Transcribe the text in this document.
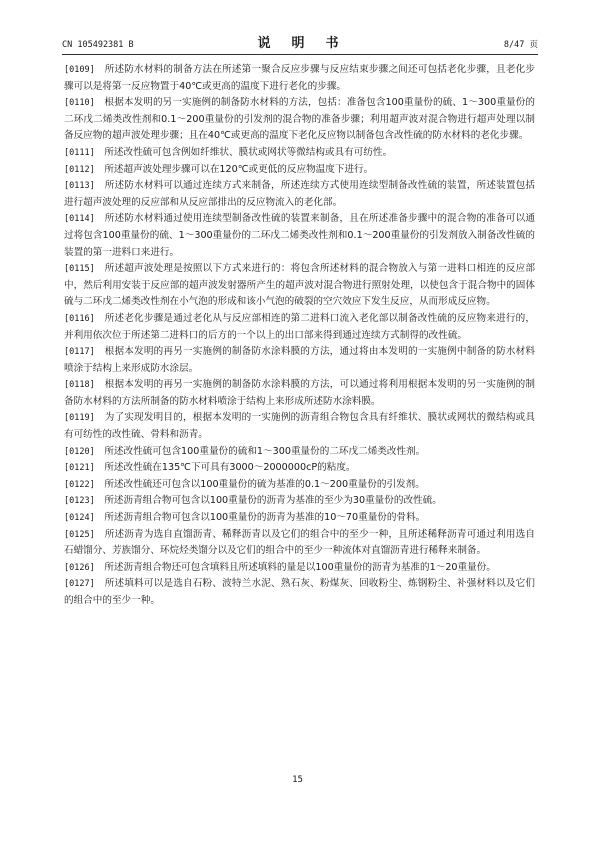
CN 105492381 B	说　明　书	8/47 页

[0109]　 所述防水材料的制备方法在所述第一聚合反应步骤与反应结束步骤之间还可包括老化步骤，且老化步骤可以是将第一反应物置于40℃或更高的温度下进行老化的步骤。

[0110]　 根据本发明的另一实施例的制备防水材料的方法，包括：准备包含100重量份的硫、1～300重量份的二环戊二烯类改性剂和0.1～200重量份的引发剂的混合物的准备步骤；利用超声波对混合物进行超声处理以制备反应物的超声波处理步骤；且在40℃或更高的温度下老化反应物以制备包含改性硫的防水材料的老化步骤。

[0111]　 所述改性硫可包含例如纤维状、膜状或网状等微结构或具有可纺性。

[0112]　 所述超声波处理步骤可以在120℃或更低的反应物温度下进行。

[0113]　 所述防水材料可以通过连续方式来制备，所述连续方式使用连续型制备改性硫的装置，所述装置包括进行超声波处理的反应部和从反应部排出的反应物流入的老化部。

[0114]　 所述防水材料通过使用连续型制备改性硫的装置来制备，且在所述准备步骤中的混合物的准备可以通过将包含100重量份的硫、1～300重量份的二环戊二烯类改性剂和0.1～200重量份的引发剂放入制备改性硫的装置的第一进料口来进行。

[0115]　 所述超声波处理是按照以下方式来进行的：将包含所述材料的混合物放入与第一进料口相连的反应部中，然后利用安装于反应部的超声波发射器所产生的超声波对混合物进行照射处理，以使包含于混合物中的固体硫与二环戊二烯类改性剂在小气泡的形成和该小气泡的破裂的空穴效应下发生反应，从而形成反应物。

[0116]　 所述老化步骤是通过老化从与反应部相连的第二进料口流入老化部以制备改性硫的反应物来进行的，并利用依次位于所述第二进料口的后方的一个以上的出口部来得到通过连续方式制得的改性硫。

[0117]　 根据本发明的再另一实施例的制备防水涂料膜的方法，通过将由本发明的一实施例中制备的防水材料喷涂于结构上来形成防水涂层。

[0118]　 根据本发明的再另一实施例的制备防水涂料膜的方法，可以通过将利用根据本发明的另一实施例的制备防水材料的方法所制备的防水材料喷涂于结构上来形成所述防水涂料膜。

[0119]　 为了实现发明目的，根据本发明的一实施例的沥青组合物包含具有纤维状、膜状或网状的微结构或具有可纺性的改性硫、骨料和沥青。

[0120]　 所述改性硫可包含100重量份的硫和1～300重量份的二环戊二烯类改性剂。

[0121]　 所述改性硫在135℃下可具有3000～2000000cP的粘度。

[0122]　 所述改性硫还可包含以100重量份的硫为基准的0.1～200重量份的引发剂。

[0123]　 所述沥青组合物可包含以100重量份的沥青为基准的至少为30重量份的改性硫。

[0124]　 所述沥青组合物可包含以100重量份的沥青为基准的10～70重量份的骨料。

[0125]　 所述沥青为选自直馏沥青、稀释沥青以及它们的组合中的至少一种，且所述稀释沥青可通过利用选自石蜡馏分、芳族馏分、环烷烃类馏分以及它们的组合中的至少一种流体对直馏沥青进行稀释来制备。

[0126]　 所述沥青组合物还可包含填料且所述填料的量是以100重量份的沥青为基准的1～20重量份。

[0127]　 所述填料可以是选自石粉、波特兰水泥、熟石灰、粉煤灰、回收粉尘、炼钢粉尘、补强材料以及它们的组合中的至少一种。

15
